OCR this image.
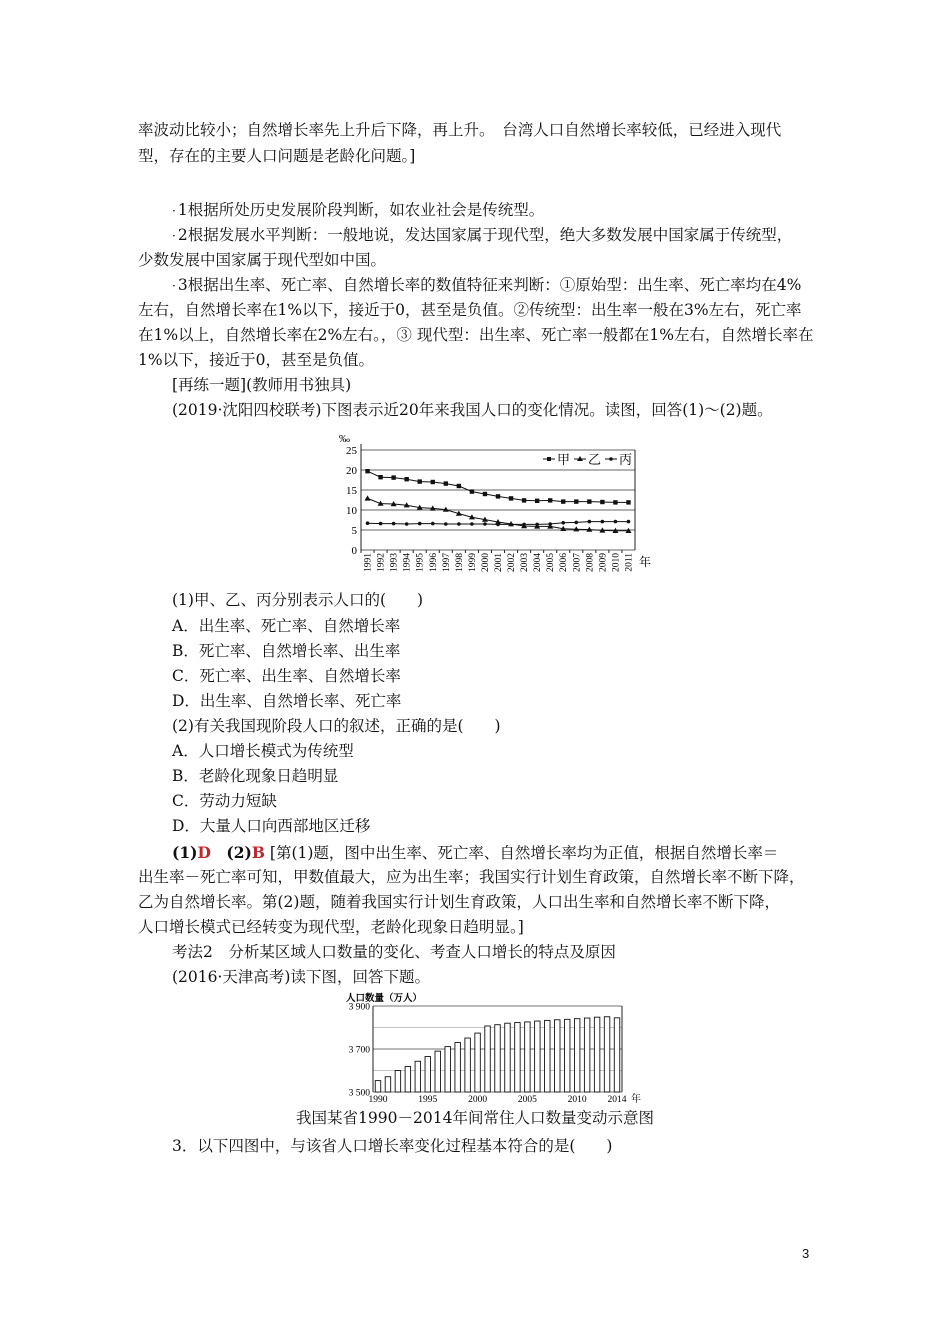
率波动比较小；自然增长率先上升后下降，再上升。　台湾人口自然增长率较低，已经进入现代
型，存在的主要人口问题是老龄化问题。]
· 1根据所处历史发展阶段判断，如农业社会是传统型。
· 2根据发展水平判断：一般地说，发达国家属于现代型，绝大多数发展中国家属于传统型，
少数发展中国家属于现代型如中国。
· 3根据出生率、死亡率、自然增长率的数值特征来判断：①原始型：出生率、死亡率均在4%
左右，自然增长率在1%以下，接近于0，甚至是负值。②传统型：出生率一般在3%左右，死亡率
在1%以上，自然增长率在2%左右。，③ 现代型：出生率、死亡率一般都在1%左右，自然增长率在
1%以下，接近于0，甚至是负值。
[再练一题](教师用书独具)
(2019·沈阳四校联考)下图表示近20年来我国人口的变化情况。读图，回答(1)～(2)题。
‰
0
5
10
15
20
25
1991 1992 1993 1994 1995 1996 1997 1998 1999 2000 2001 2002 2003 2004 2005 2006 2007 2008 2009 2010 2011 年
甲 乙 丙
(1)甲、乙、丙分别表示人口的(　　)
A．出生率、死亡率、自然增长率
B．死亡率、自然增长率、出生率
C．死亡率、出生率、自然增长率
D．出生率、自然增长率、死亡率
(2)有关我国现阶段人口的叙述，正确的是(　　)
A．人口增长模式为传统型
B．老龄化现象日趋明显
C．劳动力短缺
D．大量人口向西部地区迁移
(1)D　 (2)B [第(1)题，图中出生率、死亡率、自然增长率均为正值，根据自然增长率＝
出生率－死亡率可知，甲数值最大，应为出生率；我国实行计划生育政策，自然增长率不断下降，
乙为自然增长率。第(2)题，随着我国实行计划生育政策，人口出生率和自然增长率不断下降，
人口增长模式已经转变为现代型，老龄化现象日趋明显。]
考法2　分析某区域人口数量的变化、考查人口增长的特点及原因
(2016·天津高考)读下图，回答下题。
人口数量（万人）
3 500
3 700
3 900
1990	1995	2000	2005	2010 2014 年
我国某省1990－2014年间常住人口数量变动示意图
3．以下四图中，与该省人口增长率变化过程基本符合的是(　　)
3
